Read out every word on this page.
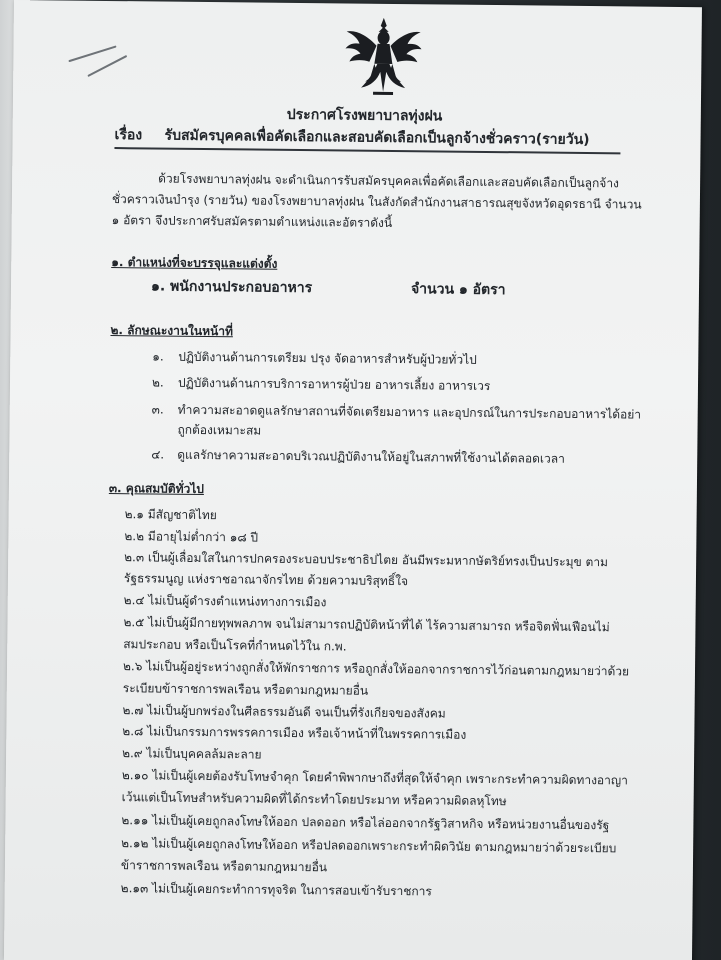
ประกาศโรงพยาบาลทุ่งฝน
เรื่อง รับสมัครบุคคลเพื่อคัดเลือกและสอบคัดเลือกเป็นลูกจ้างชั่วคราว(รายวัน)
ด้วยโรงพยาบาลทุ่งฝน จะดำเนินการรับสมัครบุคคลเพื่อคัดเลือกและสอบคัดเลือกเป็นลูกจ้าง
ชั่วคราวเงินบำรุง (รายวัน) ของโรงพยาบาลทุ่งฝน ในสังกัดสำนักงานสาธารณสุขจังหวัดอุดรธานี จำนวน
๑ อัตรา จึงประกาศรับสมัครตามตำแหน่งและอัตราดังนี้
๑. ตำแหน่งที่จะบรรจุและแต่งตั้ง
๑. พนักงานประกอบอาหาร	จำนวน ๑ อัตรา
๒. ลักษณะงานในหน้าที่
๑. ปฏิบัติงานด้านการเตรียม ปรุง จัดอาหารสำหรับผู้ป่วยทั่วไป
๒. ปฏิบัติงานด้านการบริการอาหารผู้ป่วย อาหารเลี้ยง อาหารเวร
๓. ทำความสะอาดดูแลรักษาสถานที่จัดเตรียมอาหาร และอุปกรณ์ในการประกอบอาหารได้อย่า
ถูกต้องเหมาะสม
๔. ดูแลรักษาความสะอาดบริเวณปฏิบัติงานให้อยู่ในสภาพที่ใช้งานได้ตลอดเวลา
๓. คุณสมบัติทั่วไป
๒.๑ มีสัญชาติไทย
๒.๒ มีอายุไม่ต่ำกว่า ๑๘ ปี
๒.๓ เป็นผู้เลื่อมใสในการปกครองระบอบประชาธิปไตย อันมีพระมหากษัตริย์ทรงเป็นประมุข ตาม
รัฐธรรมนูญ แห่งราชอาณาจักรไทย ด้วยความบริสุทธิ์ใจ
๒.๔ ไม่เป็นผู้ดำรงตำแหน่งทางการเมือง
๒.๕ ไม่เป็นผู้มีกายทุพพลภาพ จนไม่สามารถปฏิบัติหน้าที่ได้ ไร้ความสามารถ หรือจิตฟั่นเฟือนไม่
สมประกอบ หรือเป็นโรคที่กำหนดไว้ใน ก.พ.
๒.๖ ไม่เป็นผู้อยู่ระหว่างถูกสั่งให้พักราชการ หรือถูกสั่งให้ออกจากราชการไว้ก่อนตามกฎหมายว่าด้วย
ระเบียบข้าราชการพลเรือน หรือตามกฎหมายอื่น
๒.๗ ไม่เป็นผู้บกพร่องในศีลธรรมอันดี จนเป็นที่รังเกียจของสังคม
๒.๘ ไม่เป็นกรรมการพรรคการเมือง หรือเจ้าหน้าที่ในพรรคการเมือง
๒.๙ ไม่เป็นบุคคลล้มละลาย
๒.๑๐ ไม่เป็นผู้เคยต้องรับโทษจำคุก โดยคำพิพากษาถึงที่สุดให้จำคุก เพราะกระทำความผิดทางอาญา
เว้นแต่เป็นโทษสำหรับความผิดที่ได้กระทำโดยประมาท หรือความผิดลหุโทษ
๒.๑๑ ไม่เป็นผู้เคยถูกลงโทษให้ออก ปลดออก หรือไล่ออกจากรัฐวิสาหกิจ หรือหน่วยงานอื่นของรัฐ
๒.๑๒ ไม่เป็นผู้เคยถูกลงโทษให้ออก หรือปลดออกเพราะกระทำผิดวินัย ตามกฎหมายว่าด้วยระเบียบ
ข้าราชการพลเรือน หรือตามกฎหมายอื่น
๒.๑๓ ไม่เป็นผู้เคยกระทำการทุจริต ในการสอบเข้ารับราชการ
